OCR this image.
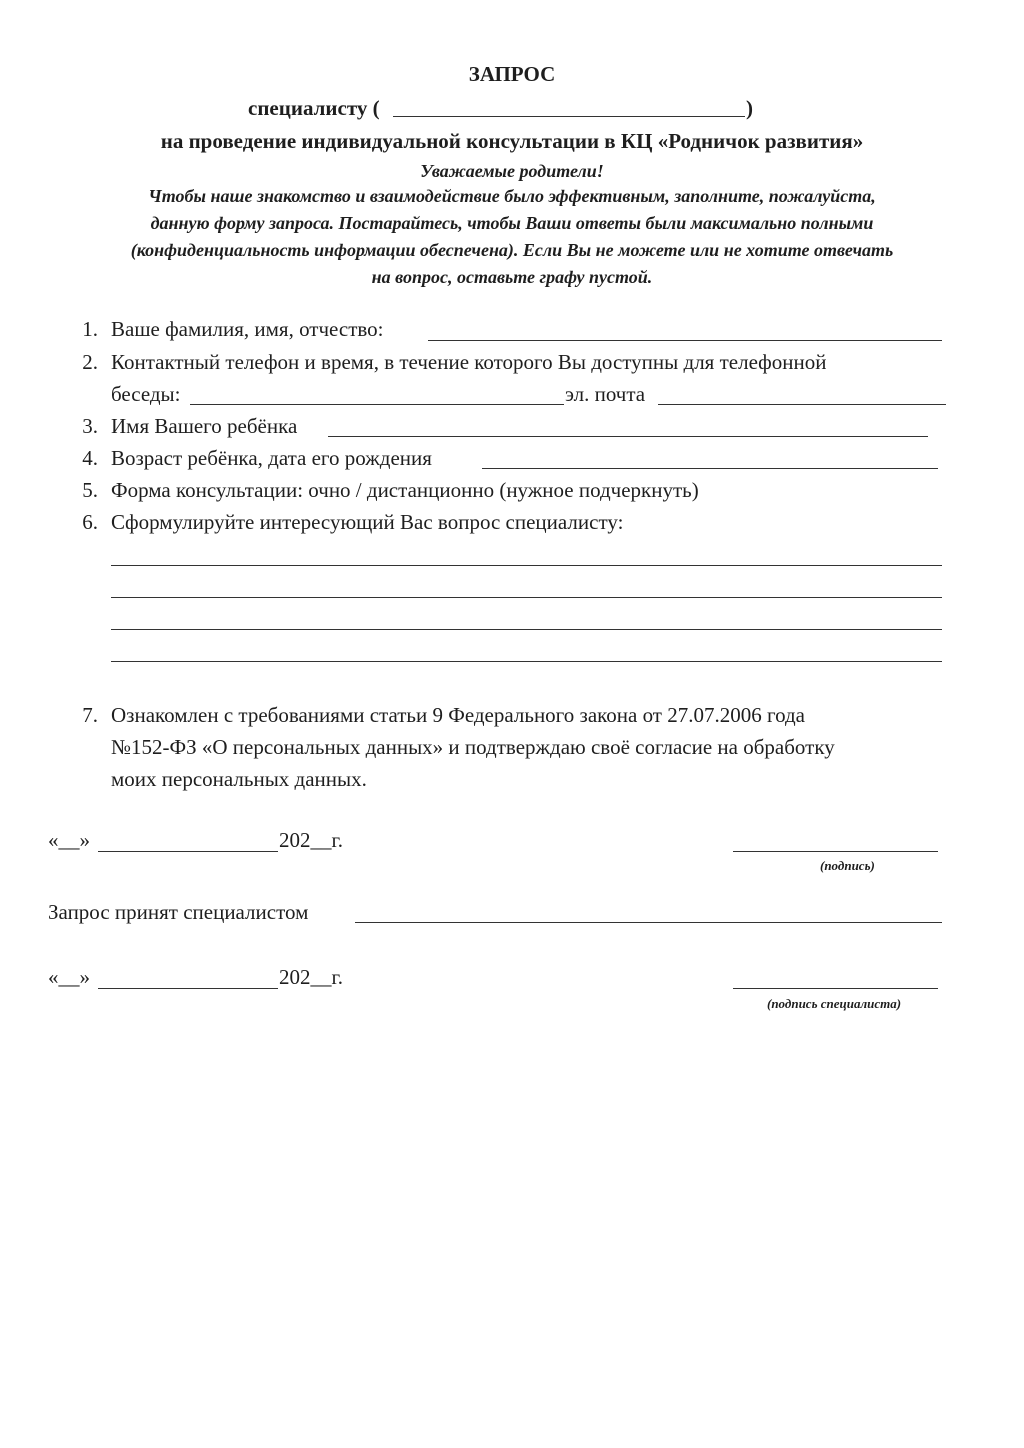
ЗАПРОС
специалисту (	)
на проведение индивидуальной консультации в КЦ «Родничок развития»
Уважаемые родители!
Чтобы наше знакомство и взаимодействие было эффективным, заполните, пожалуйста,
данную форму запроса. Постарайтесь, чтобы Ваши ответы были максимально полными
(конфиденциальность информации обеспечена). Если Вы не можете или не хотите отвечать
на вопрос, оставьте графу пустой.
1. Ваше фамилия, имя, отчество:
2. Контактный телефон и время, в течение которого Вы доступны для телефонной
беседы:	эл. почта
3. Имя Вашего ребёнка
4. Возраст ребёнка, дата его рождения
5. Форма консультации: очно / дистанционно (нужное подчеркнуть)
6. Сформулируйте интересующий Вас вопрос специалисту:
7. Ознакомлен с требованиями статьи 9 Федерального закона от 27.07.2006 года
№152-ФЗ «О персональных данных» и подтверждаю своё согласие на обработку
моих персональных данных.
«__»	202__г.
(подпись)
Запрос принят специалистом
«__»	202__г.
(подпись специалиста)
